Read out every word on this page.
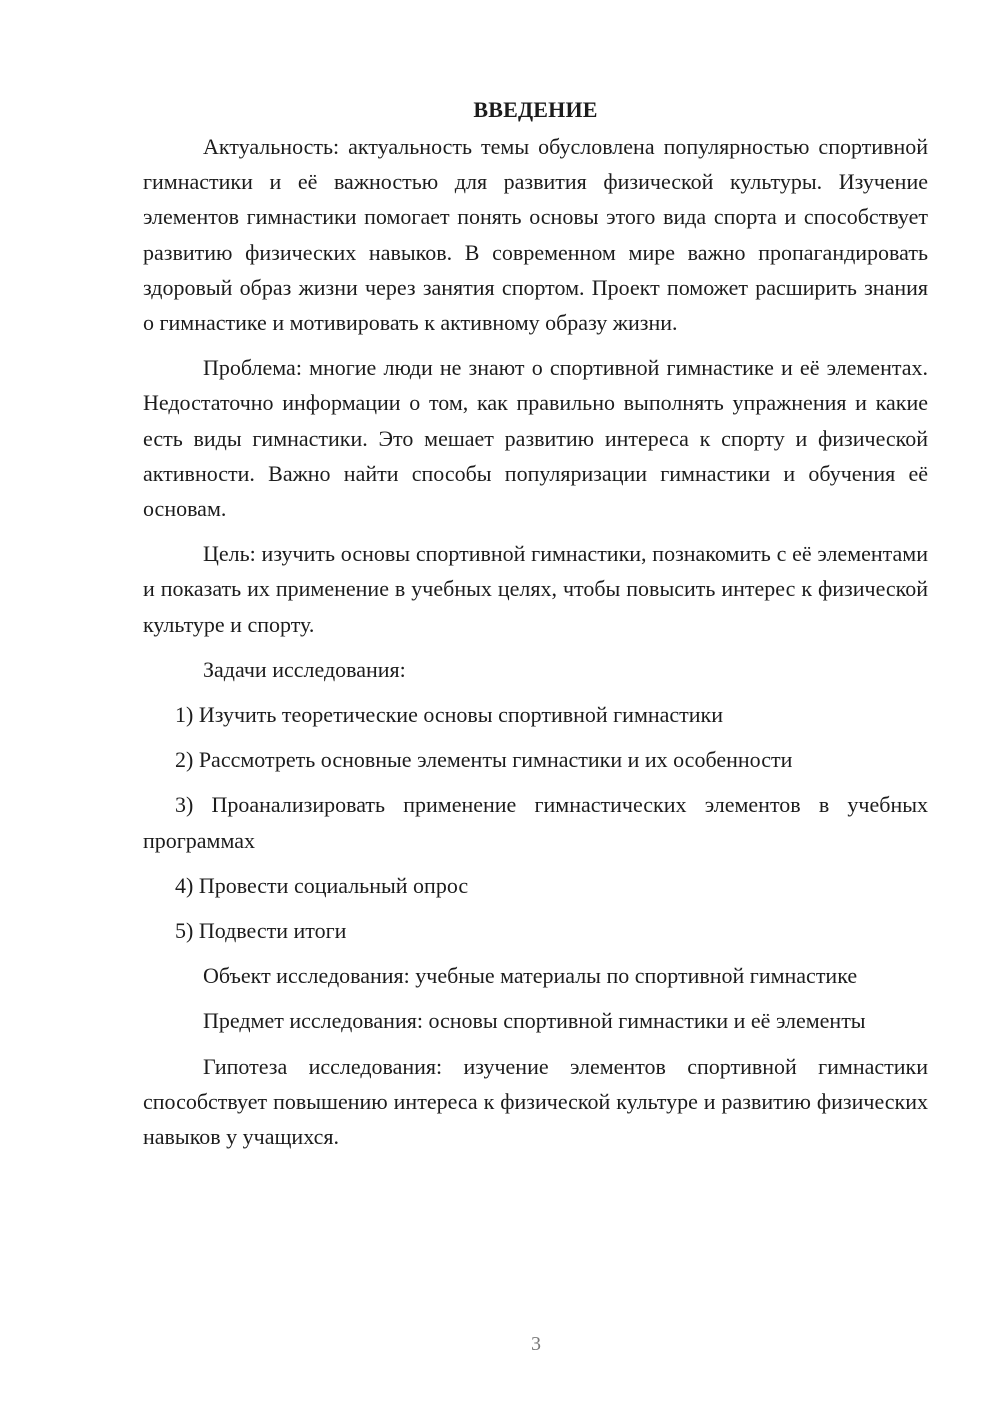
ВВЕДЕНИЕ

Актуальность: актуальность темы обусловлена популярностью спортивной гимнастики и её важностью для развития физической культуры. Изучение элементов гимнастики помогает понять основы этого вида спорта и способствует развитию физических навыков. В современном мире важно пропагандировать здоровый образ жизни через занятия спортом. Проект поможет расширить знания о гимнастике и мотивировать к активному образу жизни.

Проблема: многие люди не знают о спортивной гимнастике и её элементах. Недостаточно информации о том, как правильно выполнять упражнения и какие есть виды гимнастики. Это мешает развитию интереса к спорту и физической активности. Важно найти способы популяризации гимнастики и обучения её основам.

Цель: изучить основы спортивной гимнастики, познакомить с её элементами и показать их применение в учебных целях, чтобы повысить интерес к физической культуре и спорту.

Задачи исследования:

1) Изучить теоретические основы спортивной гимнастики

2) Рассмотреть основные элементы гимнастики и их особенности

3) Проанализировать применение гимнастических элементов в учебных программах

4) Провести социальный опрос

5) Подвести итоги

Объект исследования: учебные материалы по спортивной гимнастике

Предмет исследования: основы спортивной гимнастики и её элементы

Гипотеза исследования: изучение элементов спортивной гимнастики способствует повышению интереса к физической культуре и развитию физических навыков у учащихся.

3
